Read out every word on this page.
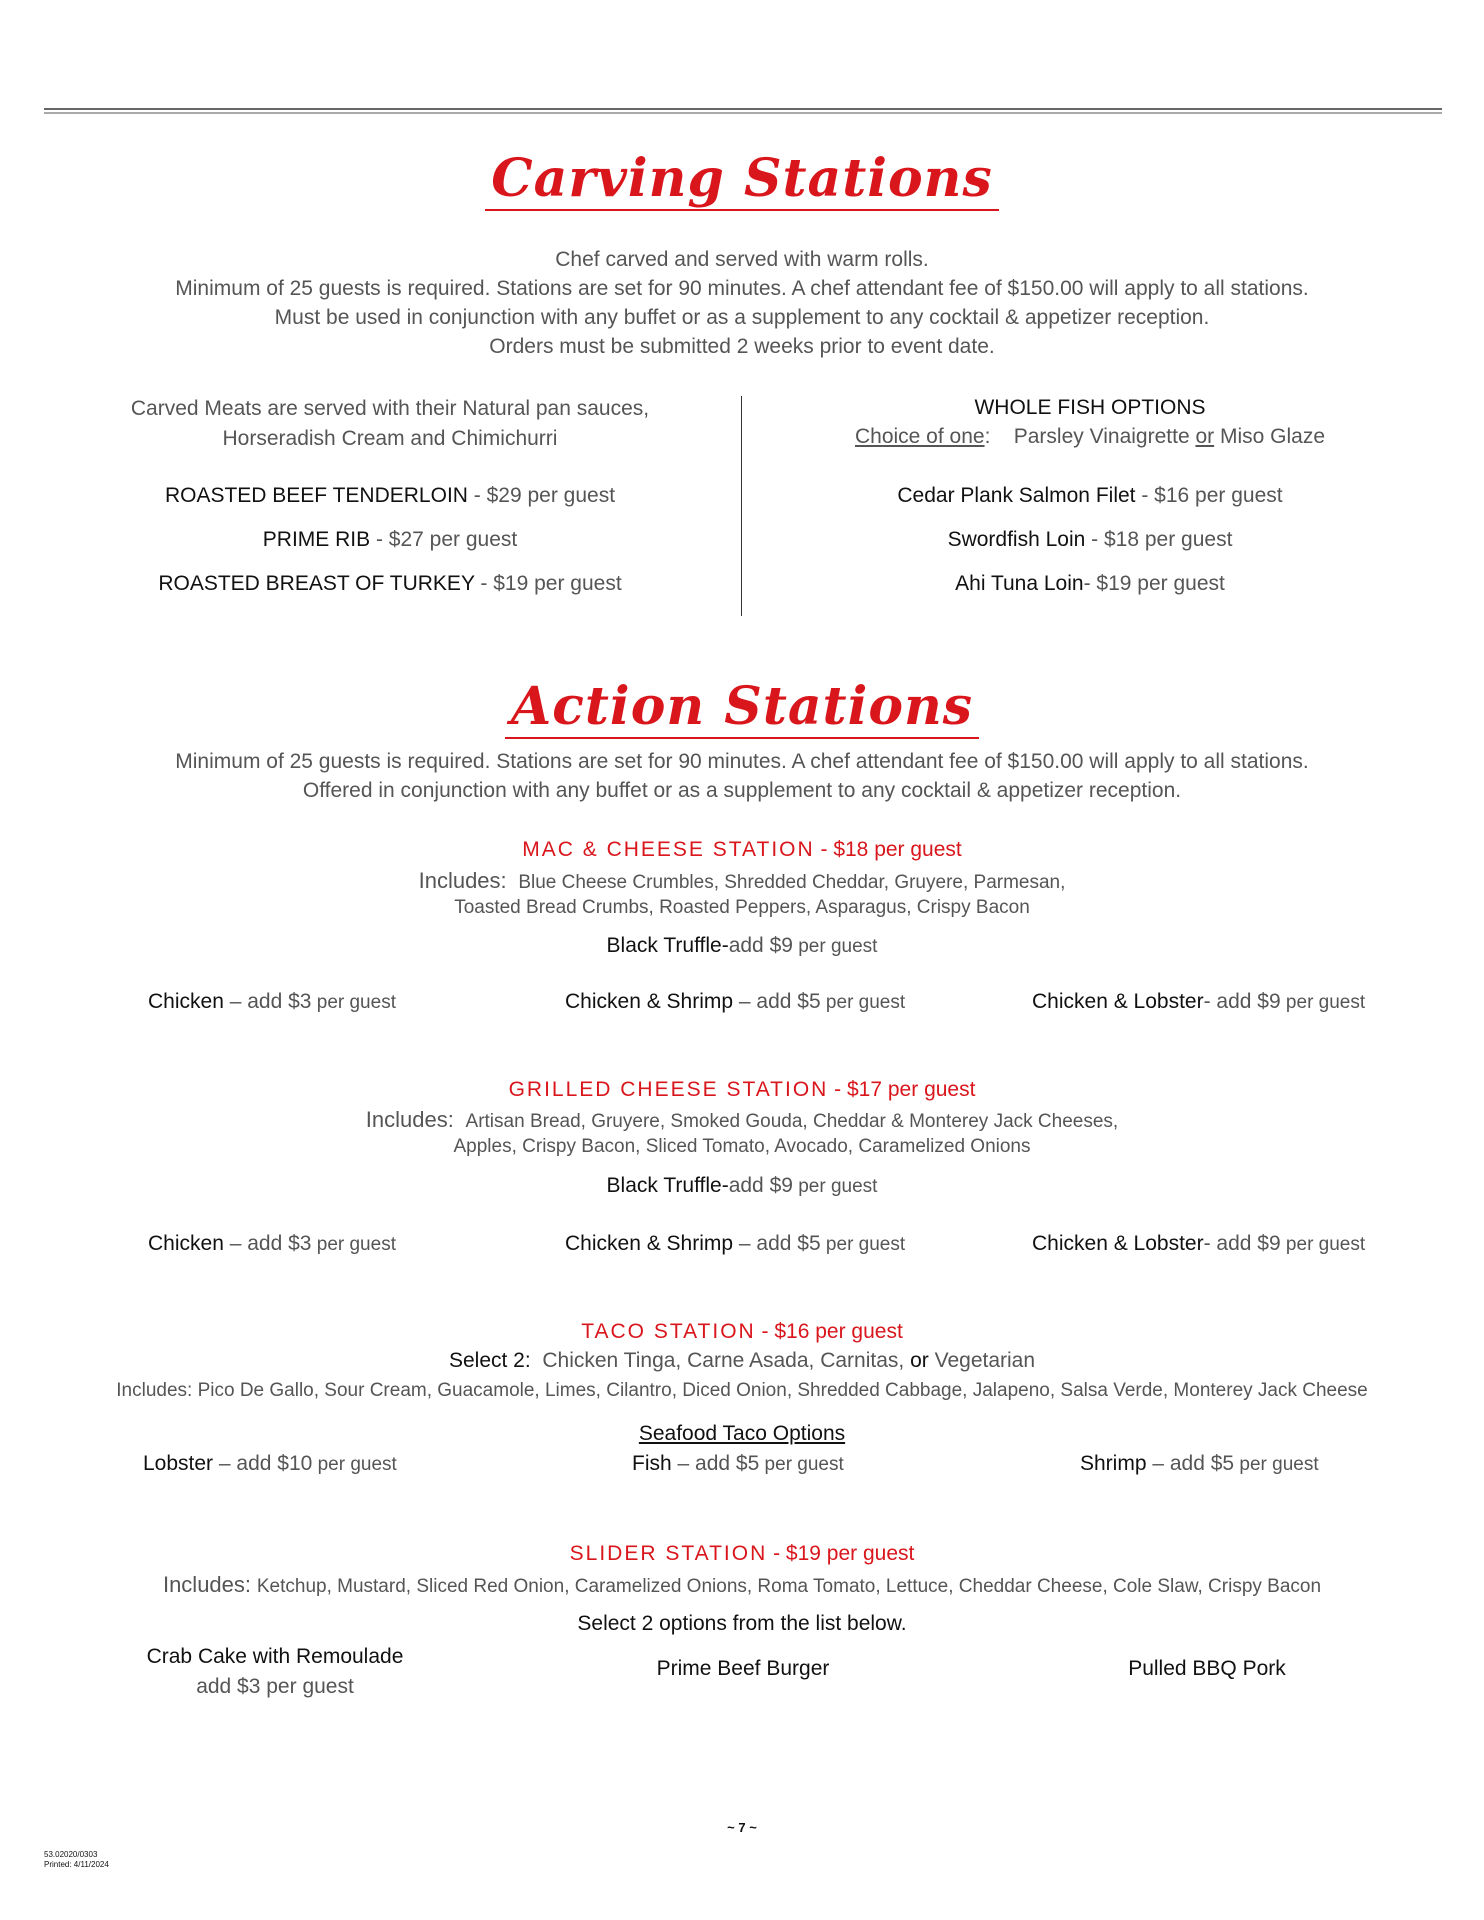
Carving Stations
Chef carved and served with warm rolls.
Minimum of 25 guests is required. Stations are set for 90 minutes. A chef attendant fee of $150.00 will apply to all stations.
Must be used in conjunction with any buffet or as a supplement to any cocktail & appetizer reception.
Orders must be submitted 2 weeks prior to event date.
Carved Meats are served with their Natural pan sauces,
Horseradish Cream and Chimichurri
ROASTED BEEF TENDERLOIN - $29 per guest
PRIME RIB - $27 per guest
ROASTED BREAST OF TURKEY - $19 per guest
WHOLE FISH OPTIONS
Choice of one: Parsley Vinaigrette or Miso Glaze
Cedar Plank Salmon Filet - $16 per guest
Swordfish Loin - $18 per guest
Ahi Tuna Loin- $19 per guest
Action Stations
Minimum of 25 guests is required. Stations are set for 90 minutes. A chef attendant fee of $150.00 will apply to all stations.
Offered in conjunction with any buffet or as a supplement to any cocktail & appetizer reception.
MAC & CHEESE STATION - $18 per guest
Includes: Blue Cheese Crumbles, Shredded Cheddar, Gruyere, Parmesan,
Toasted Bread Crumbs, Roasted Peppers, Asparagus, Crispy Bacon
Black Truffle-add $9 per guest
Chicken – add $3 per guest	Chicken & Shrimp – add $5 per guest	Chicken & Lobster- add $9 per guest
GRILLED CHEESE STATION - $17 per guest
Includes: Artisan Bread, Gruyere, Smoked Gouda, Cheddar & Monterey Jack Cheeses,
Apples, Crispy Bacon, Sliced Tomato, Avocado, Caramelized Onions
Black Truffle-add $9 per guest
Chicken – add $3 per guest	Chicken & Shrimp – add $5 per guest	Chicken & Lobster- add $9 per guest
TACO STATION - $16 per guest
Select 2: Chicken Tinga, Carne Asada, Carnitas, or Vegetarian
Includes: Pico De Gallo, Sour Cream, Guacamole, Limes, Cilantro, Diced Onion, Shredded Cabbage, Jalapeno, Salsa Verde, Monterey Jack Cheese
Seafood Taco Options
Lobster – add $10 per guest	Fish – add $5 per guest	Shrimp – add $5 per guest
SLIDER STATION - $19 per guest
Includes: Ketchup, Mustard, Sliced Red Onion, Caramelized Onions, Roma Tomato, Lettuce, Cheddar Cheese, Cole Slaw, Crispy Bacon
Select 2 options from the list below.
Crab Cake with Remoulade
add $3 per guest
Prime Beef Burger	Pulled BBQ Pork
~ 7 ~
53.02020/0303
Printed: 4/11/2024
